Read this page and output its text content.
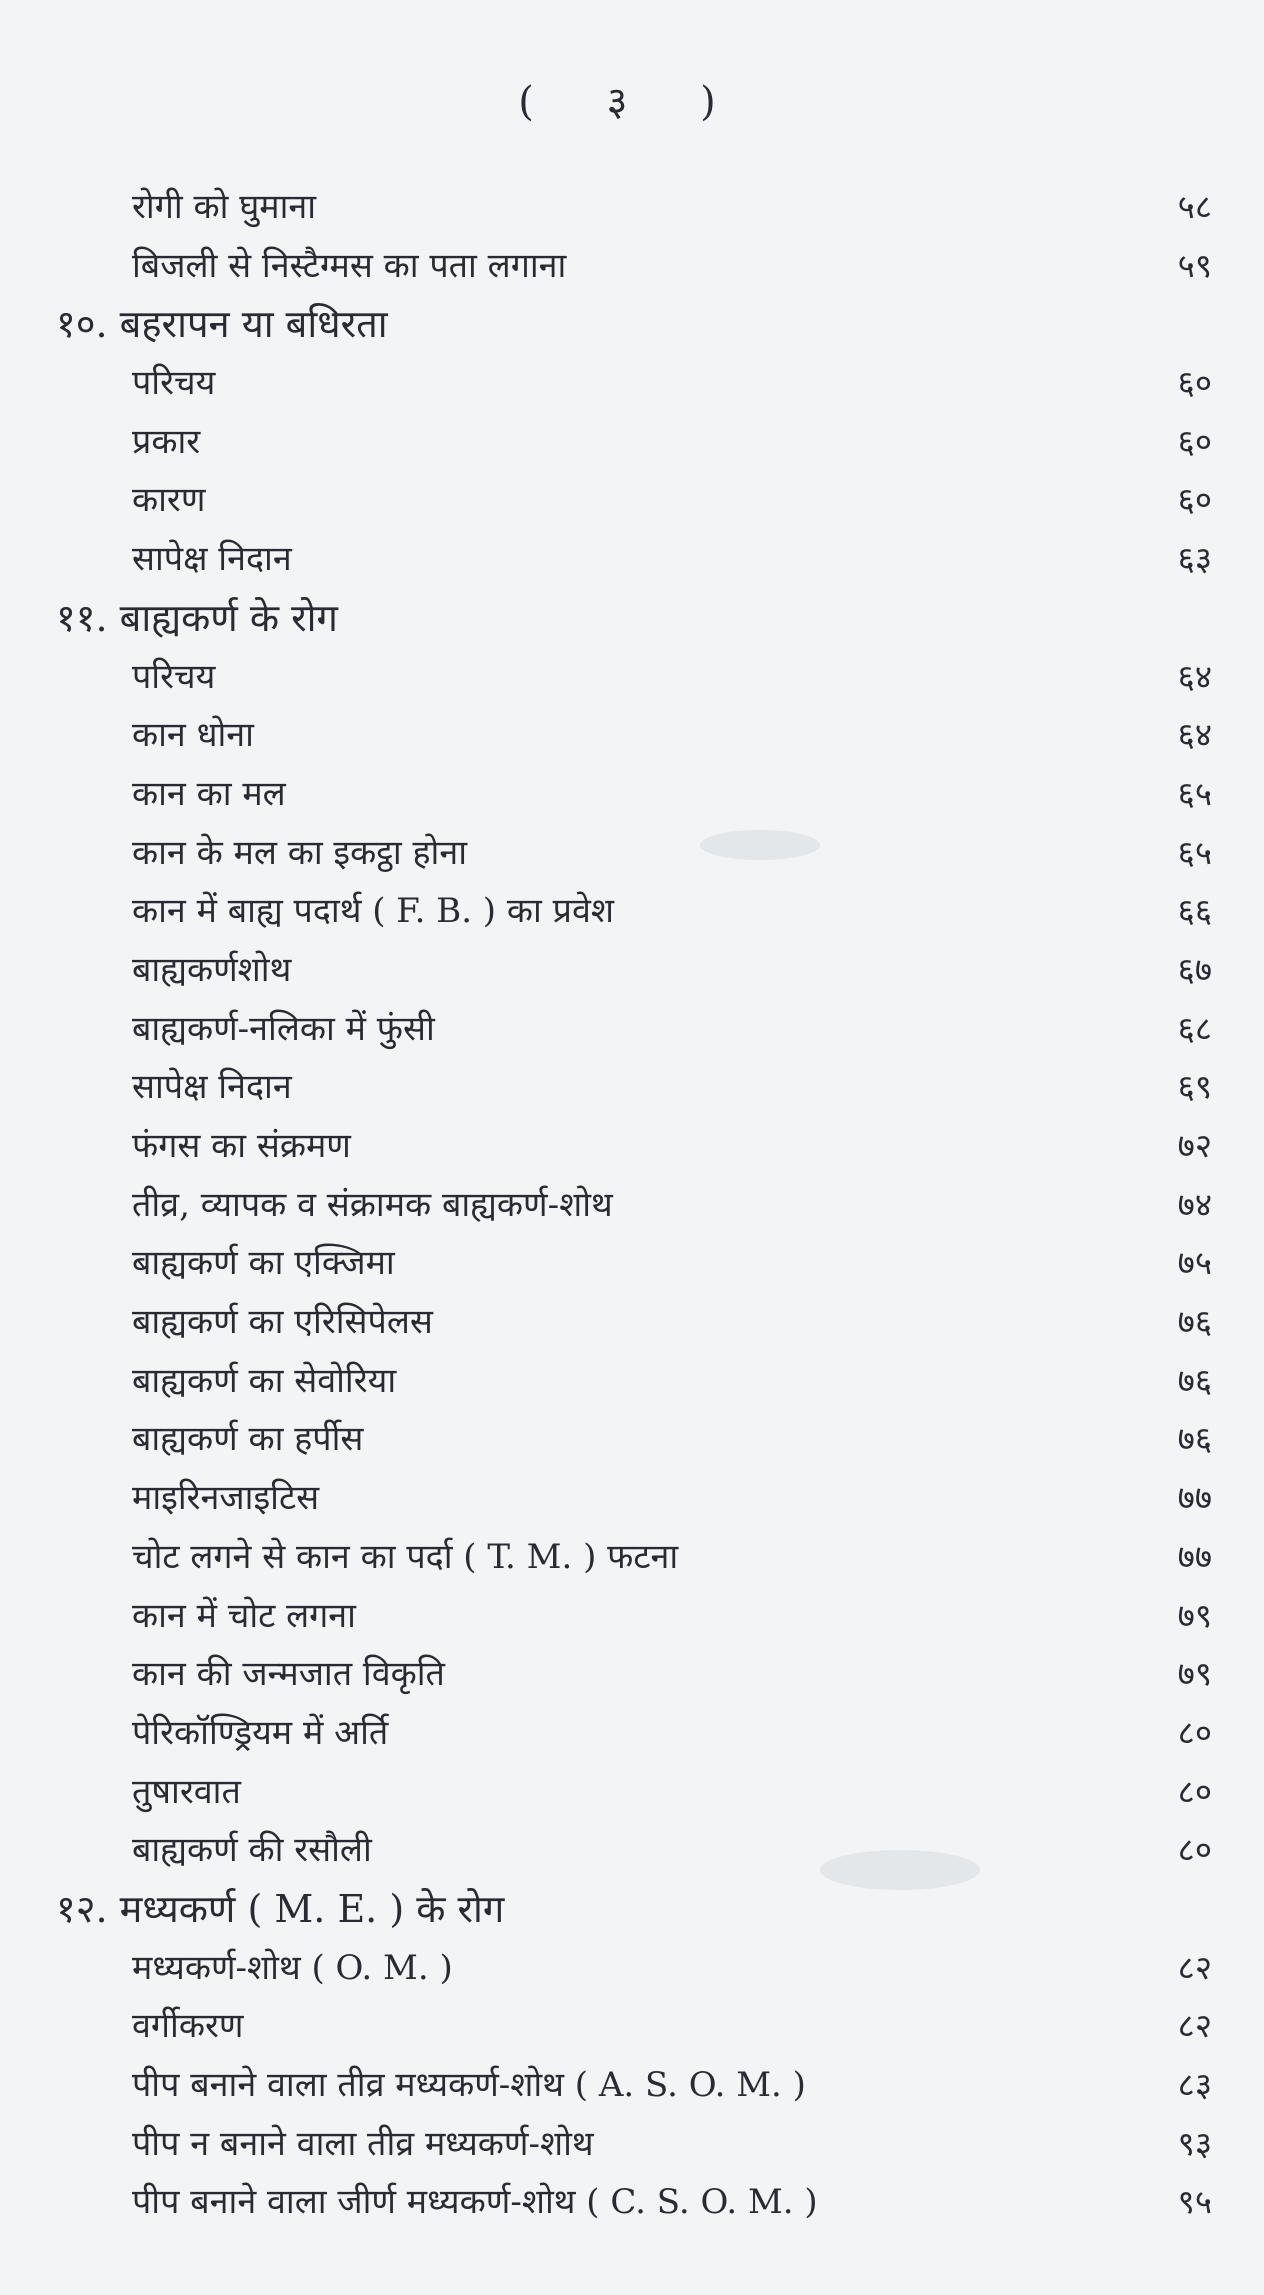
( ३ )
रोगी को घुमाना	५८
बिजली से निस्टैग्मस का पता लगाना	५९
१०. बहरापन या बधिरता
परिचय	६०
प्रकार	६०
कारण	६०
सापेक्ष निदान	६३
११. बाह्यकर्ण के रोग
परिचय	६४
कान धोना	६४
कान का मल	६५
कान के मल का इकट्ठा होना	६५
कान में बाह्य पदार्थ ( F. B. ) का प्रवेश	६६
बाह्यकर्णशोथ	६७
बाह्यकर्ण-नलिका में फुंसी	६८
सापेक्ष निदान	६९
फंगस का संक्रमण	७२
तीव्र, व्यापक व संक्रामक बाह्यकर्ण-शोथ	७४
बाह्यकर्ण का एक्जिमा	७५
बाह्यकर्ण का एरिसिपेलस	७६
बाह्यकर्ण का सेवोरिया	७६
बाह्यकर्ण का हर्पीस	७६
माइरिनजाइटिस	७७
चोट लगने से कान का पर्दा ( T. M. ) फटना	७७
कान में चोट लगना	७९
कान की जन्मजात विकृति	७९
पेरिकॉण्ड्रियम में अर्ति	८०
तुषारवात	८०
बाह्यकर्ण की रसौली	८०
१२. मध्यकर्ण ( M. E. ) के रोग
मध्यकर्ण-शोथ ( O. M. )	८२
वर्गीकरण	८२
पीप बनाने वाला तीव्र मध्यकर्ण-शोथ ( A. S. O. M. )	८३
पीप न बनाने वाला तीव्र मध्यकर्ण-शोथ	९३
पीप बनाने वाला जीर्ण मध्यकर्ण-शोथ ( C. S. O. M. )	९५
